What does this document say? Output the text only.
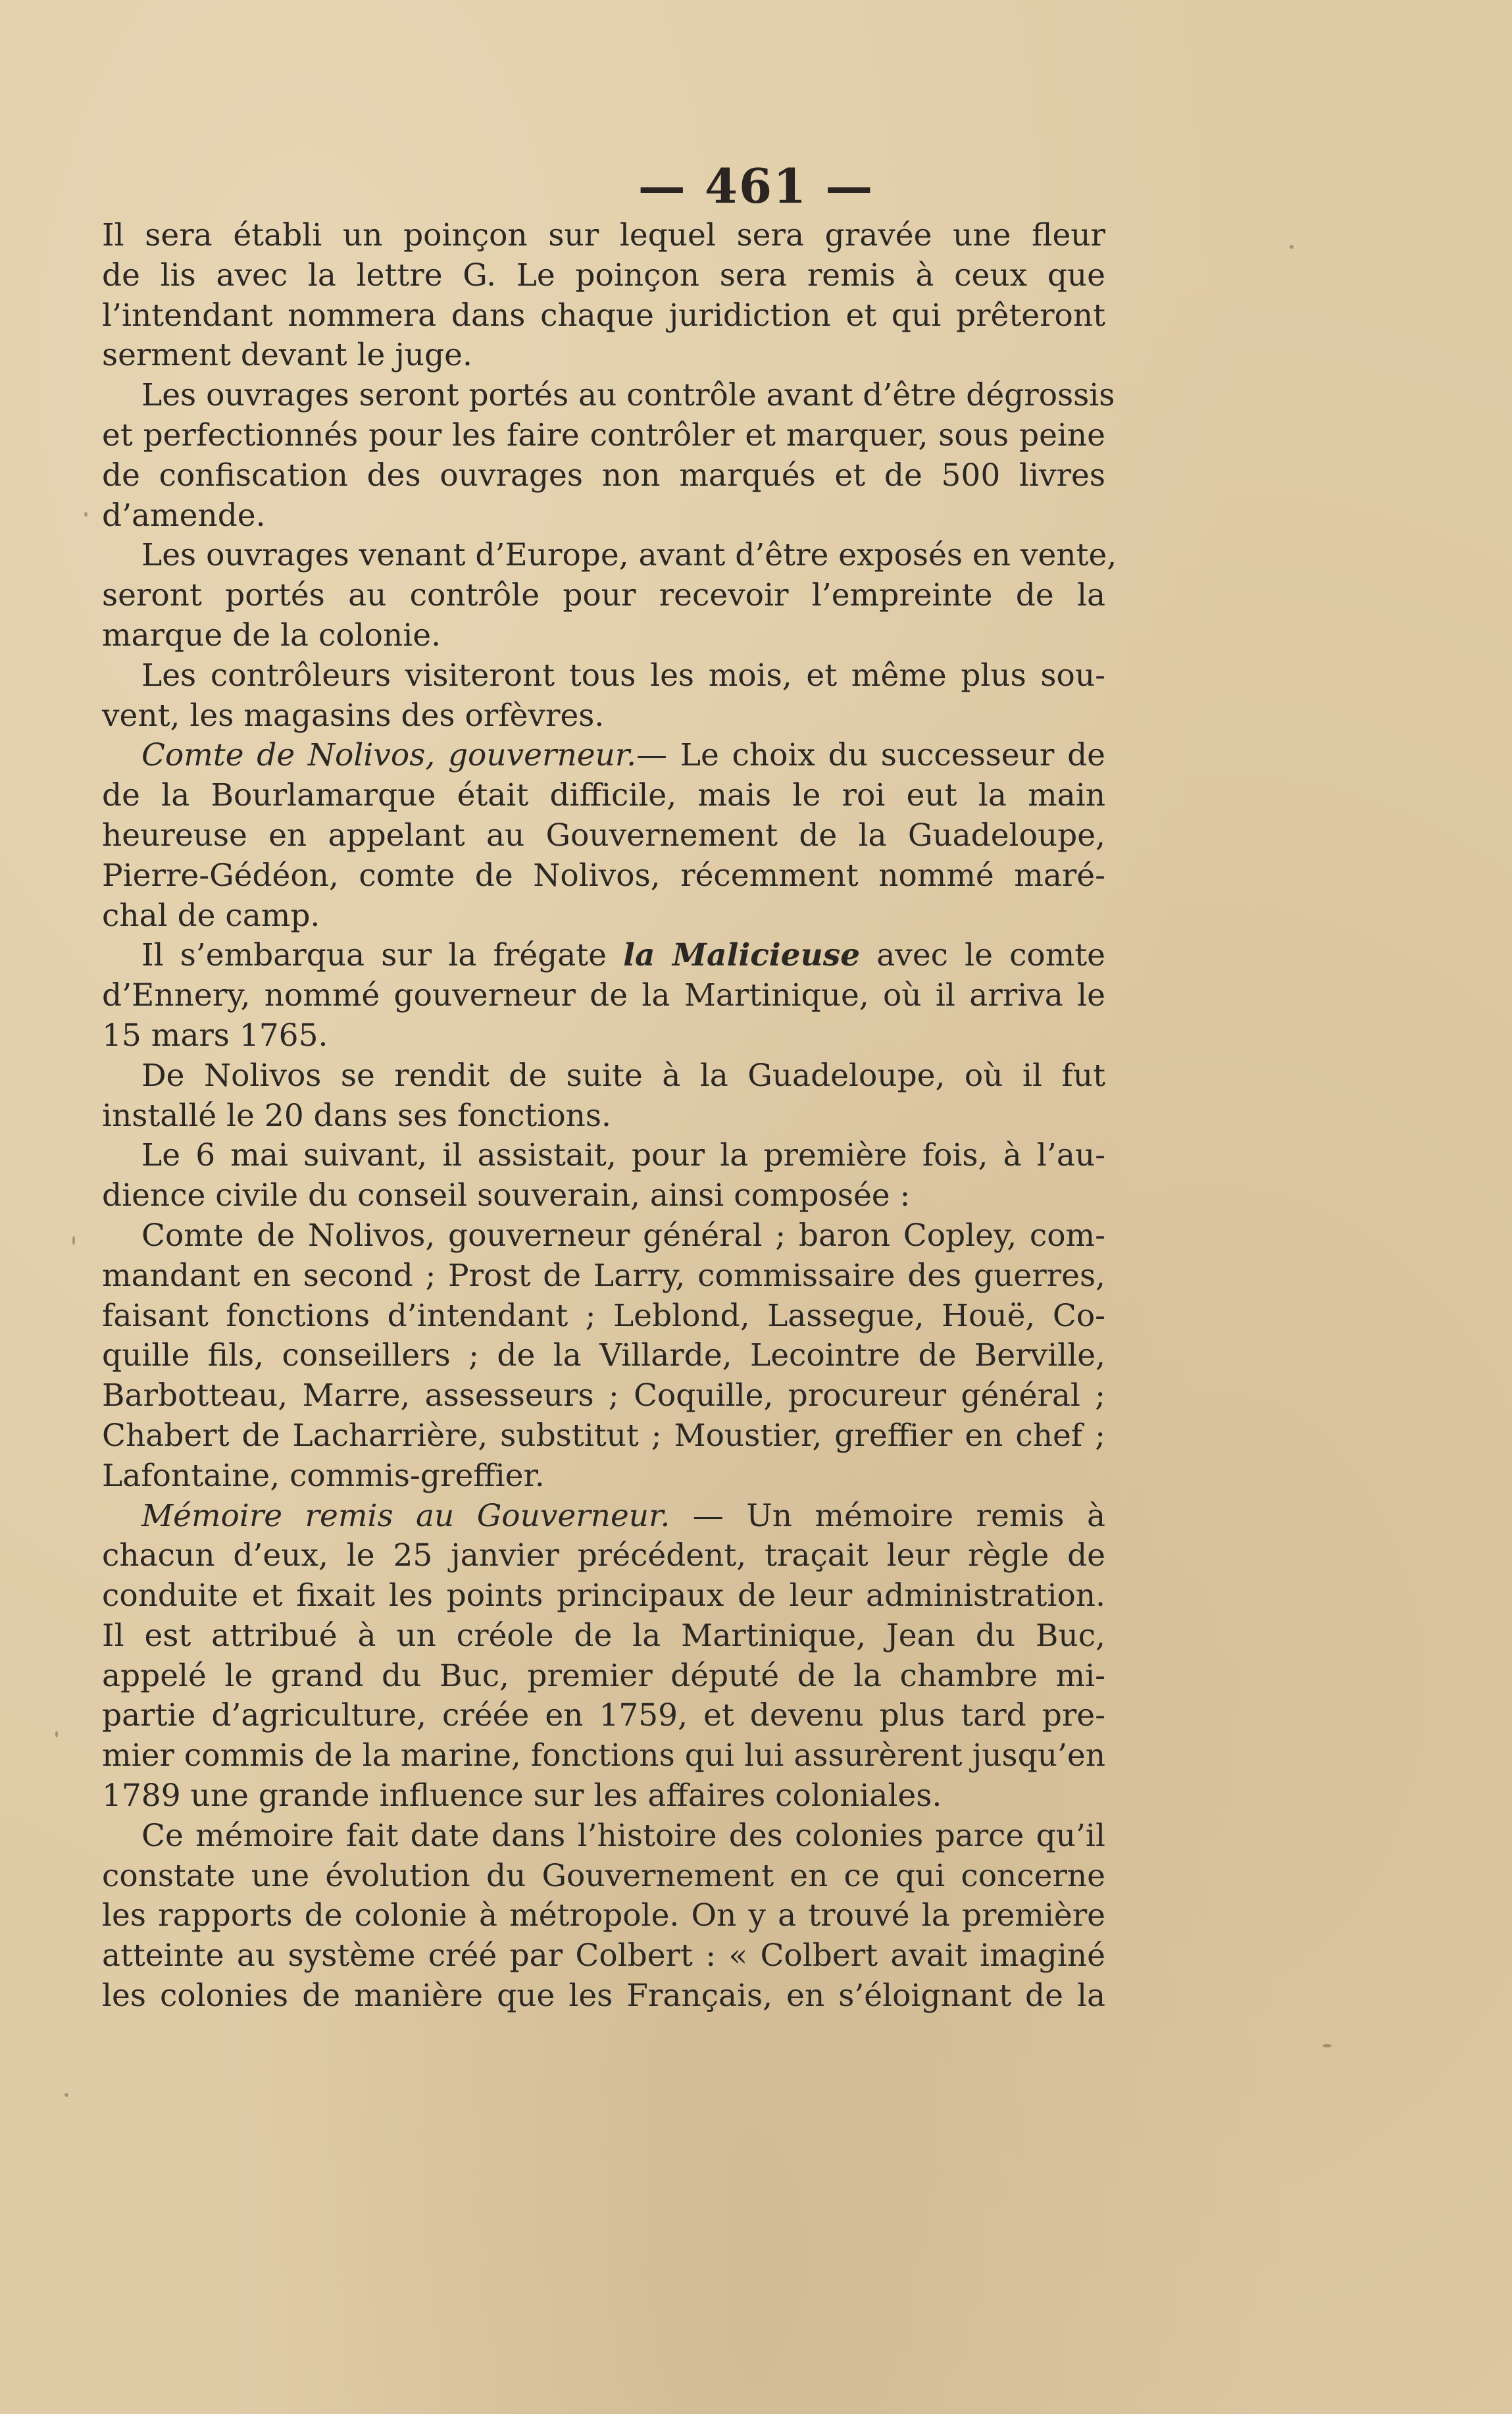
— 461 —
Il sera établi un poinçon sur lequel sera gravée une fleur
de lis avec la lettre G. Le poinçon sera remis à ceux que
l’intendant nommera dans chaque juridiction et qui prêteront
serment devant le juge.
Les ouvrages seront portés au contrôle avant d’être dégrossis
et perfectionnés pour les faire contrôler et marquer, sous peine
de confiscation des ouvrages non marqués et de 500 livres
d’amende.
Les ouvrages venant d’Europe, avant d’être exposés en vente,
seront portés au contrôle pour recevoir l’empreinte de la
marque de la colonie.
Les contrôleurs visiteront tous les mois, et même plus sou-
vent, les magasins des orfèvres.
Comte de Nolivos, gouverneur.— Le choix du successeur de
de la Bourlamarque était difficile, mais le roi eut la main
heureuse en appelant au Gouvernement de la Guadeloupe,
Pierre-Gédéon, comte de Nolivos, récemment nommé maré-
chal de camp.
Il s’embarqua sur la frégate la Malicieuse avec le comte
d’Ennery, nommé gouverneur de la Martinique, où il arriva le
15 mars 1765.
De Nolivos se rendit de suite à la Guadeloupe, où il fut
installé le 20 dans ses fonctions.
Le 6 mai suivant, il assistait, pour la première fois, à l’au-
dience civile du conseil souverain, ainsi composée :
Comte de Nolivos, gouverneur général ; baron Copley, com-
mandant en second ; Prost de Larry, commissaire des guerres,
faisant fonctions d’intendant ; Leblond, Lassegue, Houë, Co-
quille fils, conseillers ; de la Villarde, Lecointre de Berville,
Barbotteau, Marre, assesseurs ; Coquille, procureur général ;
Chabert de Lacharrière, substitut ; Moustier, greffier en chef ;
Lafontaine, commis-greffier.
Mémoire remis au Gouverneur. — Un mémoire remis à
chacun d’eux, le 25 janvier précédent, traçait leur règle de
conduite et fixait les points principaux de leur administration.
Il est attribué à un créole de la Martinique, Jean du Buc,
appelé le grand du Buc, premier député de la chambre mi-
partie d’agriculture, créée en 1759, et devenu plus tard pre-
mier commis de la marine, fonctions qui lui assurèrent jusqu’en
1789 une grande influence sur les affaires coloniales.
Ce mémoire fait date dans l’histoire des colonies parce qu’il
constate une évolution du Gouvernement en ce qui concerne
les rapports de colonie à métropole. On y a trouvé la première
atteinte au système créé par Colbert : « Colbert avait imaginé
les colonies de manière que les Français, en s’éloignant de la
